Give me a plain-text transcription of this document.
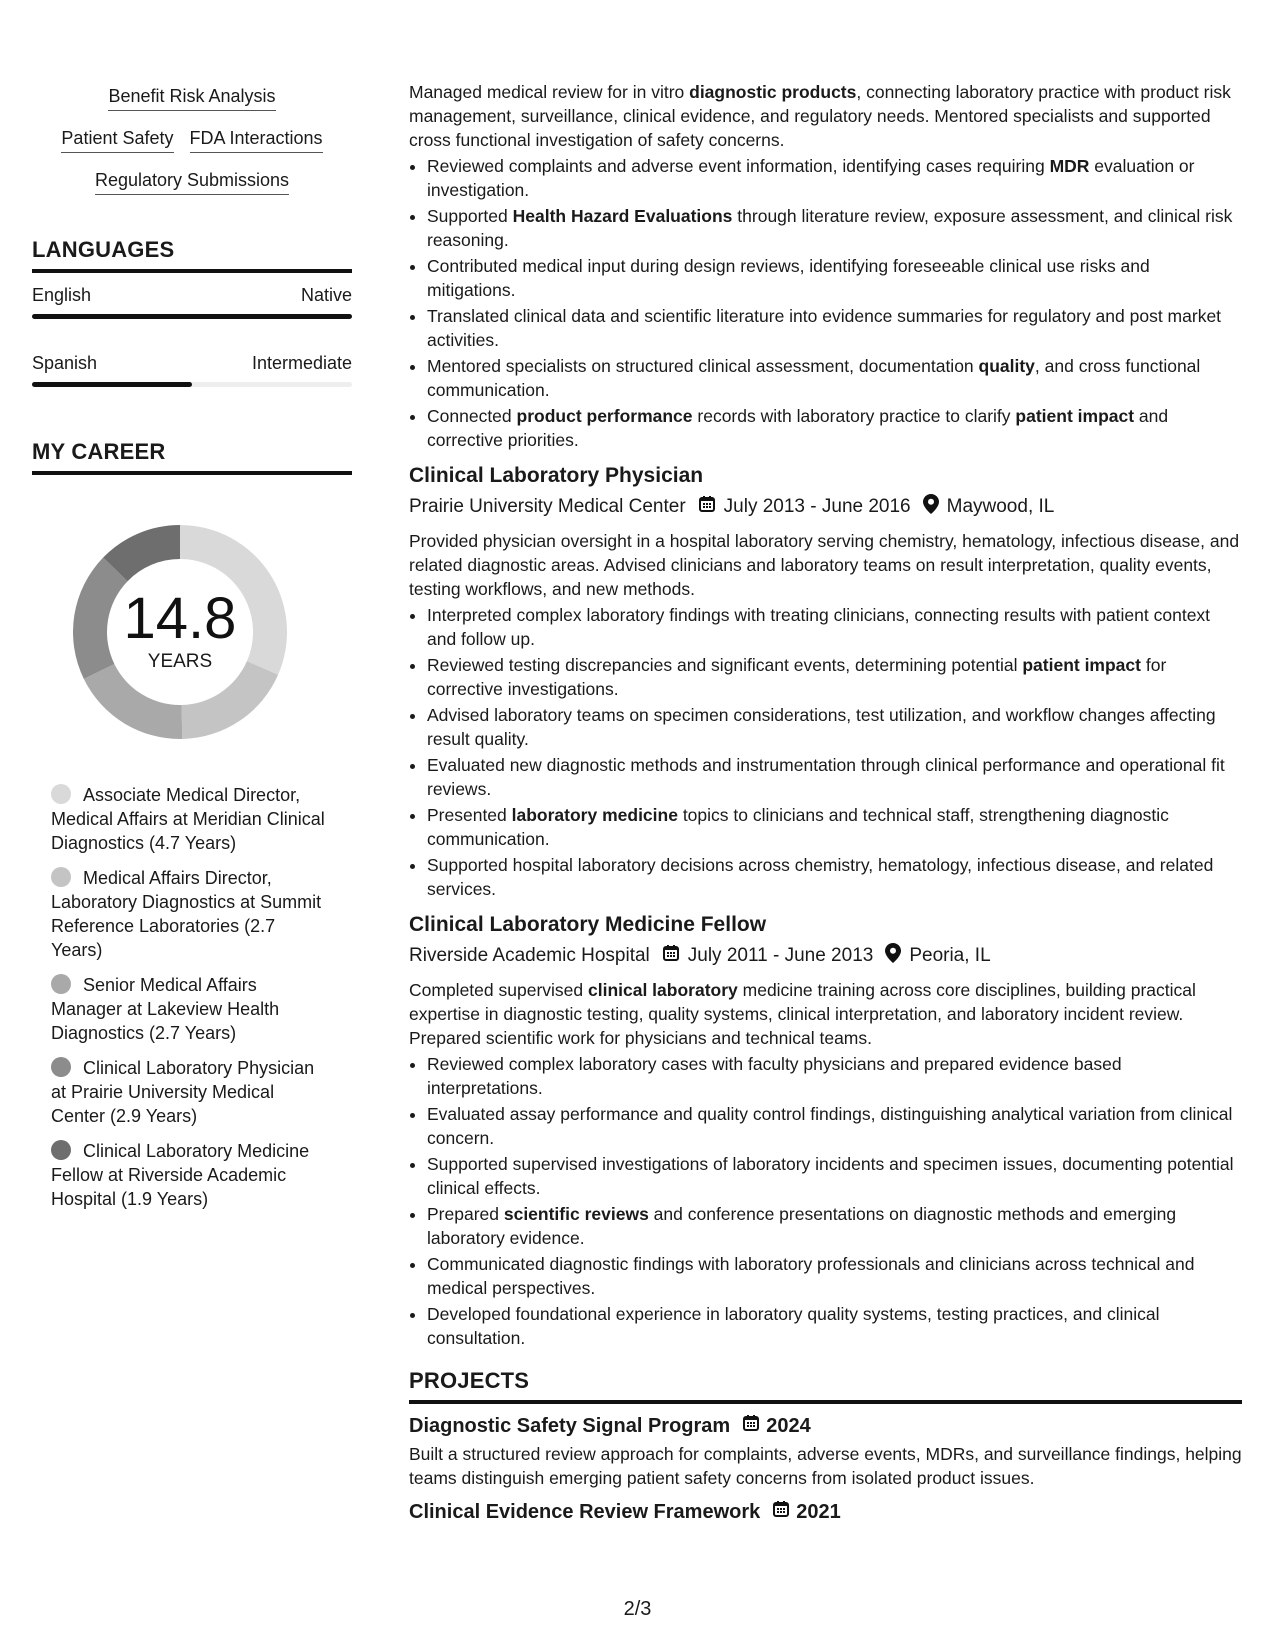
Benefit Risk Analysis
Patient Safety FDA Interactions
Regulatory Submissions
LANGUAGES
English	Native
Spanish	Intermediate
MY CAREER
14.8
YEARS
Associate Medical Director, Medical Affairs at Meridian Clinical Diagnostics (4.7 Years)
Medical Affairs Director, Laboratory Diagnostics at Summit Reference Laboratories (2.7 Years)
Senior Medical Affairs Manager at Lakeview Health Diagnostics (2.7 Years)
Clinical Laboratory Physician at Prairie University Medical Center (2.9 Years)
Clinical Laboratory Medicine Fellow at Riverside Academic Hospital (1.9 Years)

Managed medical review for in vitro diagnostic products, connecting laboratory practice with product risk management, surveillance, clinical evidence, and regulatory needs. Mentored specialists and supported cross functional investigation of safety concerns.

• Reviewed complaints and adverse event information, identifying cases requiring MDR evaluation or investigation.
• Supported Health Hazard Evaluations through literature review, exposure assessment, and clinical risk reasoning.
• Contributed medical input during design reviews, identifying foreseeable clinical use risks and mitigations.
• Translated clinical data and scientific literature into evidence summaries for regulatory and post market activities.
• Mentored specialists on structured clinical assessment, documentation quality, and cross functional communication.
• Connected product performance records with laboratory practice to clarify patient impact and corrective priorities.
Clinical Laboratory Physician
Prairie University Medical Center July 2013 - June 2016 Maywood, IL

Provided physician oversight in a hospital laboratory serving chemistry, hematology, infectious disease, and related diagnostic areas. Advised clinicians and laboratory teams on result interpretation, quality events, testing workflows, and new methods.

• Interpreted complex laboratory findings with treating clinicians, connecting results with patient context and follow up.
• Reviewed testing discrepancies and significant events, determining potential patient impact for corrective investigations.
• Advised laboratory teams on specimen considerations, test utilization, and workflow changes affecting result quality.
• Evaluated new diagnostic methods and instrumentation through clinical performance and operational fit reviews.
• Presented laboratory medicine topics to clinicians and technical staff, strengthening diagnostic communication.
• Supported hospital laboratory decisions across chemistry, hematology, infectious disease, and related services.
Clinical Laboratory Medicine Fellow
Riverside Academic Hospital July 2011 - June 2013 Peoria, IL

Completed supervised clinical laboratory medicine training across core disciplines, building practical expertise in diagnostic testing, quality systems, clinical interpretation, and laboratory incident review. Prepared scientific work for physicians and technical teams.

• Reviewed complex laboratory cases with faculty physicians and prepared evidence based interpretations.
• Evaluated assay performance and quality control findings, distinguishing analytical variation from clinical concern.
• Supported supervised investigations of laboratory incidents and specimen issues, documenting potential clinical effects.
• Prepared scientific reviews and conference presentations on diagnostic methods and emerging laboratory evidence.
• Communicated diagnostic findings with laboratory professionals and clinicians across technical and medical perspectives.
• Developed foundational experience in laboratory quality systems, testing practices, and clinical consultation.
PROJECTS
Diagnostic Safety Signal Program 2024

Built a structured review approach for complaints, adverse events, MDRs, and surveillance findings, helping teams distinguish emerging patient safety concerns from isolated product issues.

Clinical Evidence Review Framework 2021
2/3
